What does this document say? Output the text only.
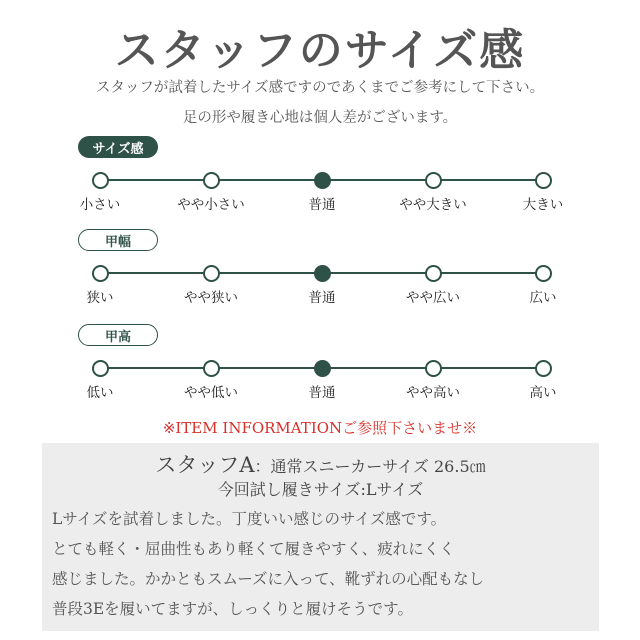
スタッフのサイズ感
スタッフが試着したサイズ感ですのであくまでご参考にして下さい。
足の形や履き心地は個人差がございます。
サイズ感
小さい	やや小さい	普通	やや大きい	大きい
甲幅
狭い	やや狭い	普通	やや広い	広い
甲高
低い	やや低い	普通	やや高い	高い
※ITEM INFORMATIONご参照下さいませ※
スタッフA：通常スニーカーサイズ 26.5㎝
今回試し履きサイズ:Lサイズ
Lサイズを試着しました。丁度いい感じのサイズ感です。
とても軽く・屈曲性もあり軽くて履きやすく、疲れにくく
感じました。かかともスムーズに入って、靴ずれの心配もなし
普段3Eを履いてますが、しっくりと履けそうです。
